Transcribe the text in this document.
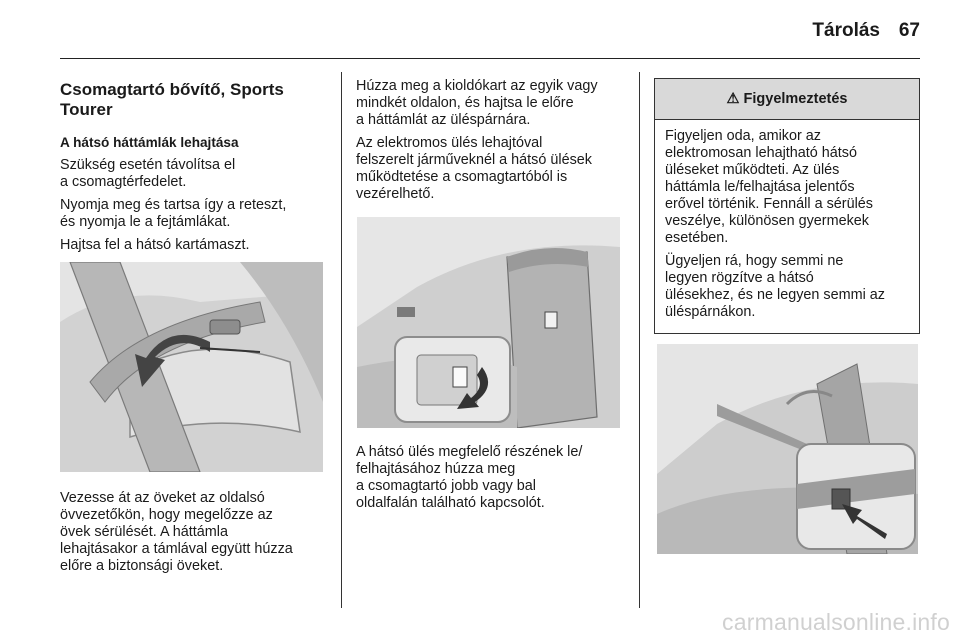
Tárolás 67
Csomagtartó bővítő, Sports
Tourer

A hátsó háttámlák lehajtása

Szükség esetén távolítsa el
a csomagtérfedelet.

Nyomja meg és tartsa így a reteszt,
és nyomja le a fejtámlákat.

Hajtsa fel a hátsó kartámaszt.

Vezesse át az öveket az oldalsó
övvezetőkön, hogy megelőzze az
övek sérülését. A háttámla
lehajtásakor a támlával együtt húzza
előre a biztonsági öveket.

Húzza meg a kioldókart az egyik vagy
mindkét oldalon, és hajtsa le előre
a háttámlát az üléspárnára.

Az elektromos ülés lehajtóval
felszerelt járműveknél a hátsó ülések
működtetése a csomagtartóból is
vezérelhető.

A hátsó ülés megfelelő részének le/
felhajtásához húzza meg
a csomagtartó jobb vagy bal
oldalfalán található kapcsolót.

⚠ Figyelmeztetés

Figyeljen oda, amikor az
elektromosan lehajtható hátsó
üléseket működteti. Az ülés
háttámla le/felhajtása jelentős
erővel történik. Fennáll a sérülés
veszélye, különösen gyermekek
esetében.

Ügyeljen rá, hogy semmi ne
legyen rögzítve a hátsó
ülésekhez, és ne legyen semmi az
üléspárnákon.

carmanualsonline.info
